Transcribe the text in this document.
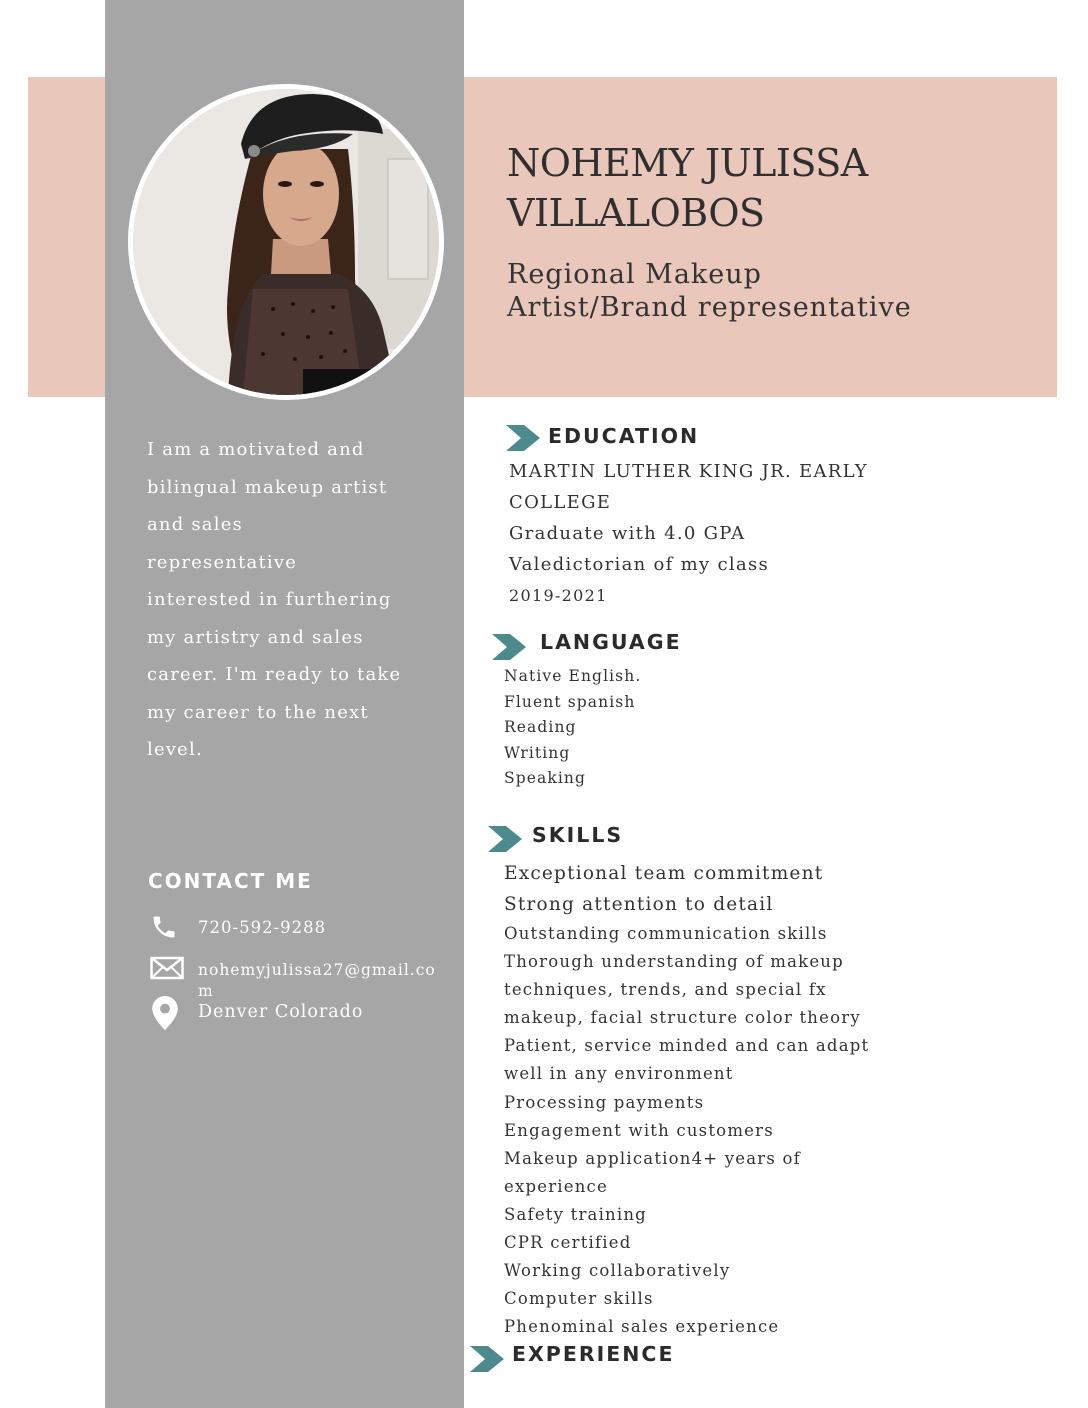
NOHEMY JULISSA
VILLALOBOS
Regional Makeup
Artist/Brand representative
I am a motivated and
bilingual makeup artist
and sales
representative
interested in furthering
my artistry and sales
career. I'm ready to take
my career to the next
level.
CONTACT ME
720-592-9288
nohemyjulissa27@gmail.co
m
Denver Colorado
EDUCATION
MARTIN LUTHER KING JR. EARLY
COLLEGE
Graduate with 4.0 GPA
Valedictorian of my class
2019-2021
LANGUAGE
Native English.
Fluent spanish
Reading
Writing
Speaking
SKILLS
Exceptional team commitment
Strong attention to detail
Outstanding communication skills
Thorough understanding of makeup
techniques, trends, and special fx
makeup, facial structure color theory
Patient, service minded and can adapt
well in any environment
Processing payments
Engagement with customers
Makeup application4+ years of
experience
Safety training
CPR certified
Working collaboratively
Computer skills
Phenominal sales experience
EXPERIENCE
